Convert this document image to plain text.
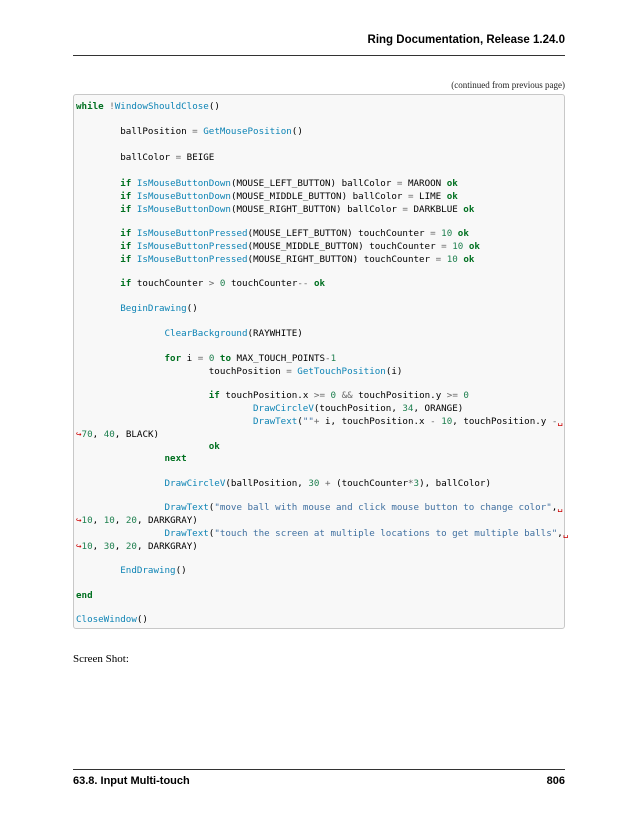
Ring Documentation, Release 1.24.0
(continued from previous page)
while !WindowShouldClose()
ballPosition = GetMousePosition()
ballColor = BEIGE
if IsMouseButtonDown(MOUSE_LEFT_BUTTON) ballColor = MAROON ok
if IsMouseButtonDown(MOUSE_MIDDLE_BUTTON) ballColor = LIME ok
if IsMouseButtonDown(MOUSE_RIGHT_BUTTON) ballColor = DARKBLUE ok
if IsMouseButtonPressed(MOUSE_LEFT_BUTTON) touchCounter = 10 ok
if IsMouseButtonPressed(MOUSE_MIDDLE_BUTTON) touchCounter = 10 ok
if IsMouseButtonPressed(MOUSE_RIGHT_BUTTON) touchCounter = 10 ok
if touchCounter > 0 touchCounter-- ok
BeginDrawing()
ClearBackground(RAYWHITE)
for i = 0 to MAX_TOUCH_POINTS-1
touchPosition = GetTouchPosition(i)
if touchPosition.x >= 0 && touchPosition.y >= 0
DrawCircleV(touchPosition, 34, ORANGE)
DrawText(""+ i, touchPosition.x - 10, touchPosition.y -␣
↪70, 40, BLACK)
ok
next
DrawCircleV(ballPosition, 30 + (touchCounter*3), ballColor)
DrawText("move ball with mouse and click mouse button to change color",␣
↪10, 10, 20, DARKGRAY)
DrawText("touch the screen at multiple locations to get multiple balls",␣
↪10, 30, 20, DARKGRAY)
EndDrawing()
end
CloseWindow()
Screen Shot:
63.8. Input Multi-touch	806
